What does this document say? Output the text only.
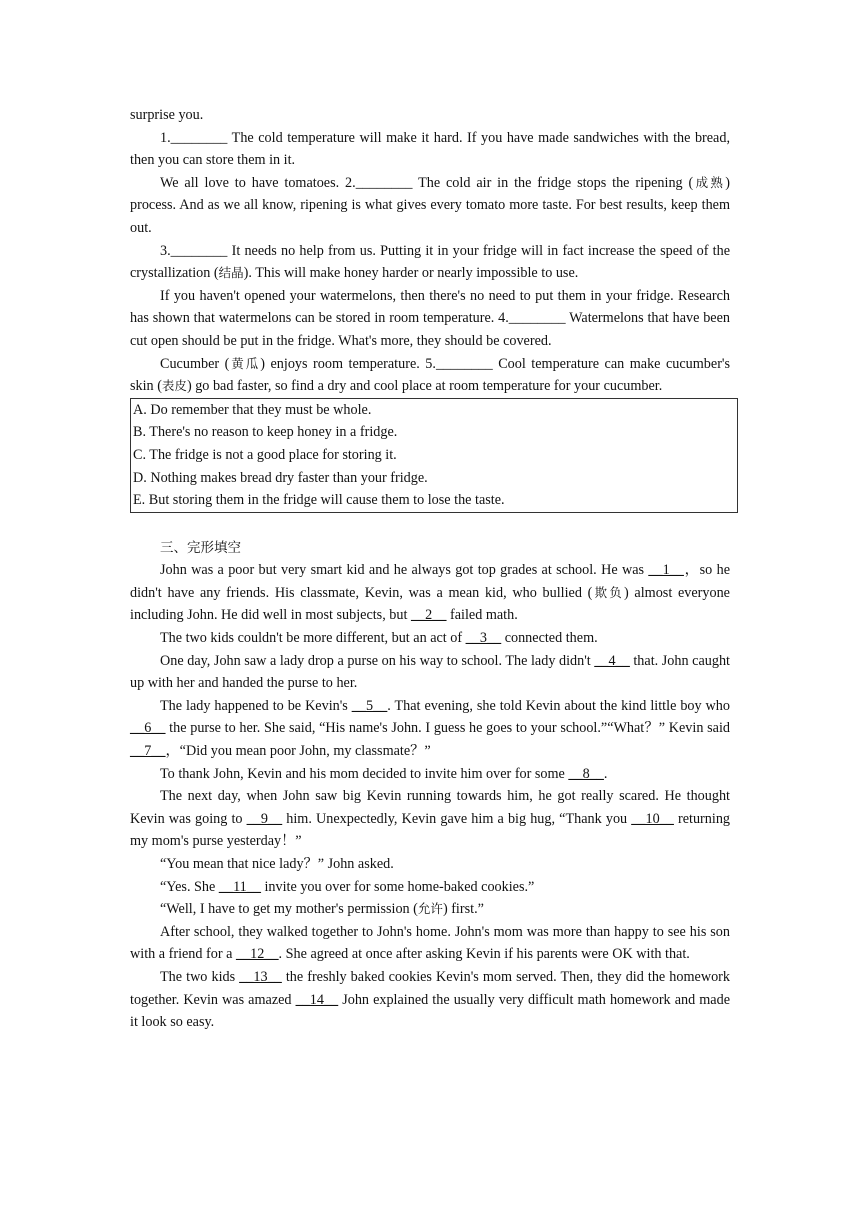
surprise you.

1.________ The cold temperature will make it hard. If you have made sandwiches with the bread, then you can store them in it.

We all love to have tomatoes. 2.________ The cold air in the fridge stops the ripening (成熟) process. And as we all know, ripening is what gives every tomato more taste. For best results, keep them out.

3.________ It needs no help from us. Putting it in your fridge will in fact increase the speed of the crystallization (结晶). This will make honey harder or nearly impossible to use.

If you haven't opened your watermelons, then there's no need to put them in your fridge. Research has shown that watermelons can be stored in room temperature. 4.________ Watermelons that have been cut open should be put in the fridge. What's more, they should be covered.

Cucumber (黄瓜) enjoys room temperature. 5.________ Cool temperature can make cucumber's skin (表皮) go bad faster, so find a dry and cool place at room temperature for your cucumber.

A. Do remember that they must be whole.

B. There's no reason to keep honey in a fridge.

C. The fridge is not a good place for storing it.

D. Nothing makes bread dry faster than your fridge.

E. But storing them in the fridge will cause them to lose the taste.

三、完形填空

John was a poor but very smart kid and he always got top grades at school. He was __1__，so he didn't have any friends. His classmate, Kevin, was a mean kid, who bullied (欺负) almost everyone including John. He did well in most subjects, but __2__ failed math.

The two kids couldn't be more different, but an act of __3__ connected them.

One day, John saw a lady drop a purse on his way to school. The lady didn't __4__ that. John caught up with her and handed the purse to her.

The lady happened to be Kevin's __5__. That evening, she told Kevin about the kind little boy who __6__ the purse to her. She said, “His name's John. I guess he goes to your school.”“What？” Kevin said __7__，“Did you mean poor John, my classmate？”

To thank John, Kevin and his mom decided to invite him over for some __8__.

The next day, when John saw big Kevin running towards him, he got really scared. He thought Kevin was going to __9__ him. Unexpectedly, Kevin gave him a big hug, “Thank you __10__ returning my mom's purse yesterday！”

“You mean that nice lady？” John asked.

“Yes. She __11__ invite you over for some home-baked cookies.”

“Well, I have to get my mother's permission (允许) first.”

After school, they walked together to John's home. John's mom was more than happy to see his son with a friend for a __12__. She agreed at once after asking Kevin if his parents were OK with that.

The two kids __13__ the freshly baked cookies Kevin's mom served. Then, they did the homework together. Kevin was amazed __14__ John explained the usually very difficult math homework and made it look so easy.
